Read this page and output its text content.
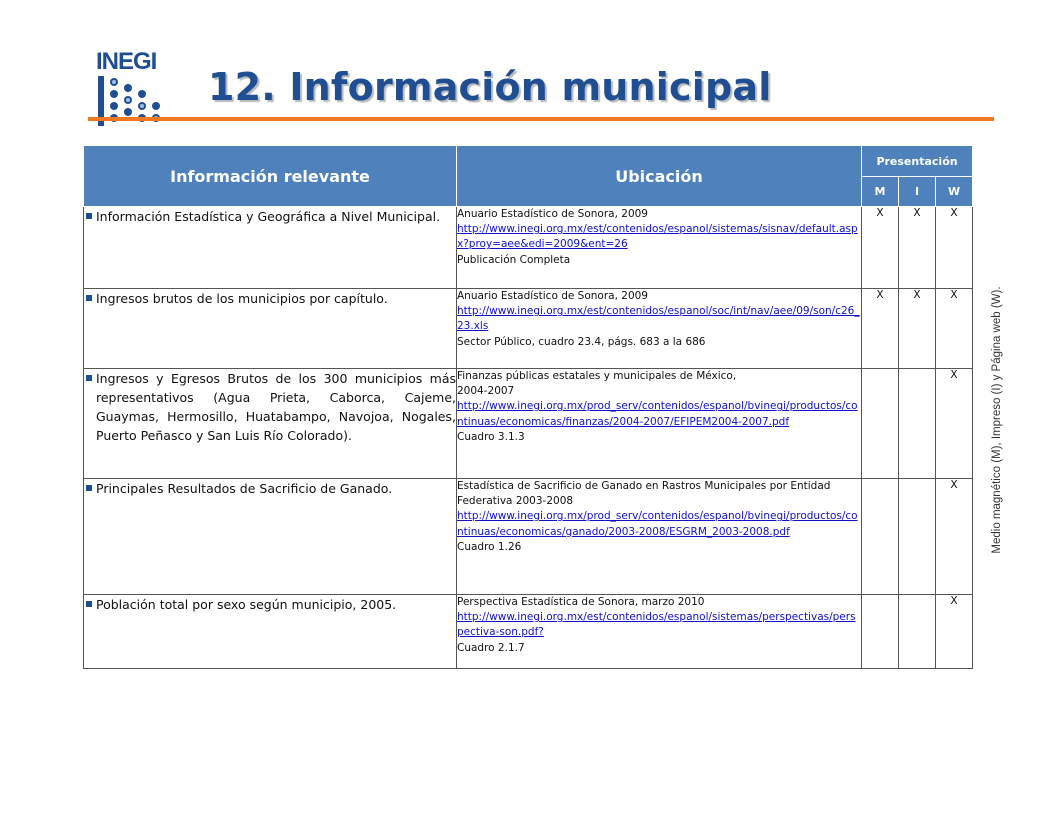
INEGI
12. Información municipal
Información relevante	Ubicación	Presentación		
		M	I	W

Información Estadística y Geográfica a Nivel Municipal.	Anuario Estadístico de Sonora, 2009
http://www.inegi.org.mx/est/contenidos/espanol/sistemas/sisnav/default.aspx?proy=aee&edi=2009&ent=26
Publicación Completa	X	X	X

Ingresos brutos de los municipios por capítulo.	Anuario Estadístico de Sonora, 2009
http://www.inegi.org.mx/est/contenidos/espanol/soc/int/nav/aee/09/son/c26_23.xls
Sector Público, cuadro 23.4, págs. 683 a la 686	X	X	X

Ingresos y Egresos Brutos de los 300 municipios más representativos (Agua Prieta, Caborca, Cajeme, Guaymas, Hermosillo, Huatabampo, Navojoa, Nogales, Puerto Peñasco y San Luis Río Colorado).	Finanzas públicas estatales y municipales de México,
2004-2007
http://www.inegi.org.mx/prod_serv/contenidos/espanol/bvinegi/productos/continuas/economicas/finanzas/2004-2007/EFIPEM2004-2007.pdf
Cuadro 3.1.3			X

Principales Resultados de Sacrificio de Ganado.	Estadística de Sacrificio de Ganado en Rastros Municipales por Entidad Federativa 2003-2008
http://www.inegi.org.mx/prod_serv/contenidos/espanol/bvinegi/productos/continuas/economicas/ganado/2003-2008/ESGRM_2003-2008.pdf
Cuadro 1.26			X

Población total por sexo según municipio, 2005.	Perspectiva Estadística de Sonora, marzo 2010
http://www.inegi.org.mx/est/contenidos/espanol/sistemas/perspectivas/perspectiva-son.pdf?
Cuadro 2.1.7			X
Medio magnético (M), Impreso (I) y Página web (W).
